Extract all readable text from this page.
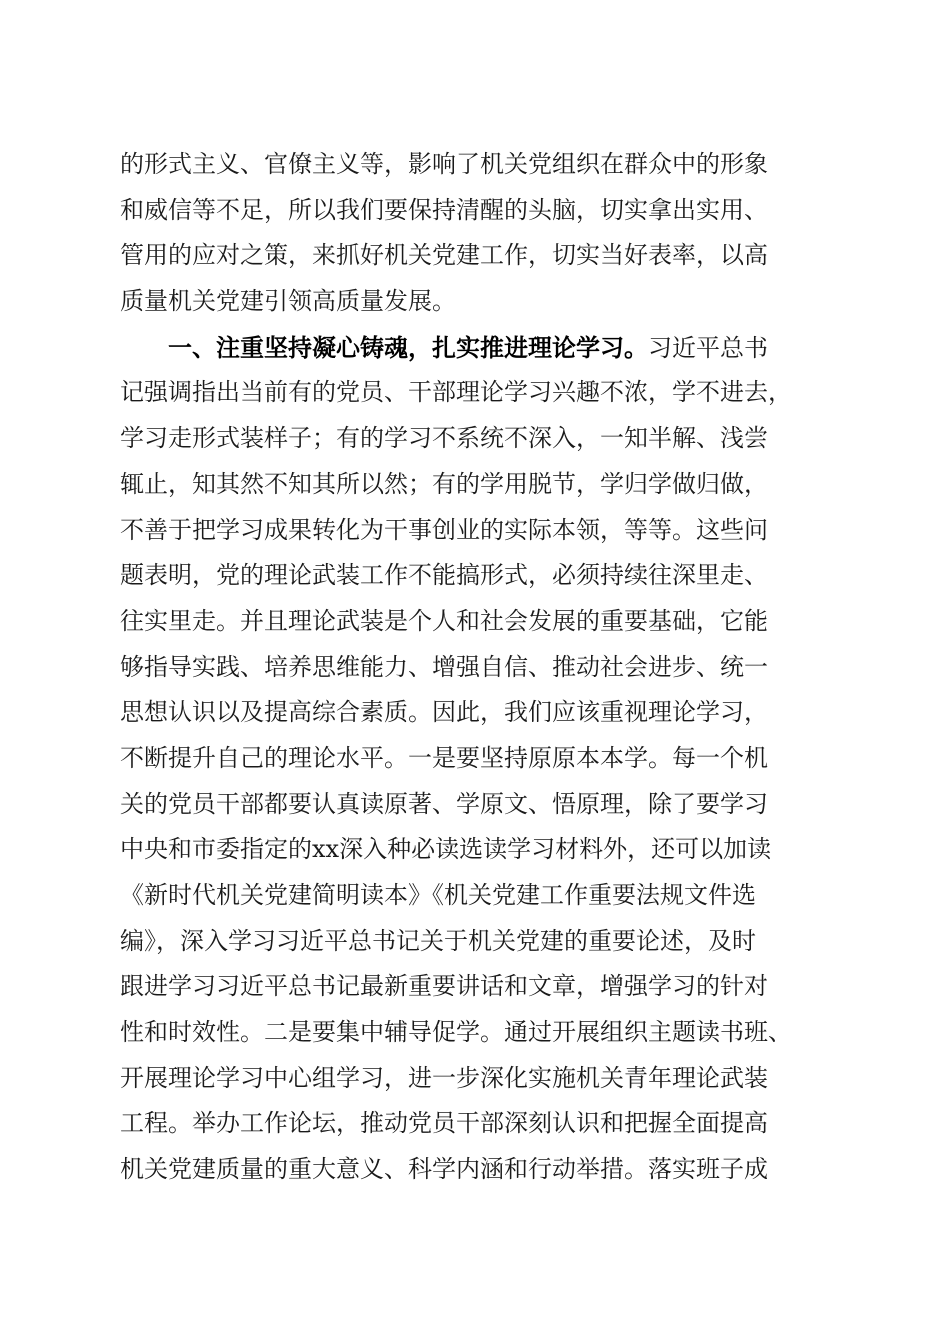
的形式主义、官僚主义等，影响了机关党组织在群众中的形象
和威信等不足，所以我们要保持清醒的头脑，切实拿出实用、
管用的应对之策，来抓好机关党建工作，切实当好表率，以高
质量机关党建引领高质量发展。
一、注重坚持凝心铸魂，扎实推进理论学习。习近平总书
记强调指出当前有的党员、干部理论学习兴趣不浓，学不进去，
学习走形式装样子；有的学习不系统不深入，一知半解、浅尝
辄止，知其然不知其所以然；有的学用脱节，学归学做归做，
不善于把学习成果转化为干事创业的实际本领，等等。这些问
题表明，党的理论武装工作不能搞形式，必须持续往深里走、
往实里走。并且理论武装是个人和社会发展的重要基础，它能
够指导实践、培养思维能力、增强自信、推动社会进步、统一
思想认识以及提高综合素质。因此，我们应该重视理论学习，
不断提升自己的理论水平。一是要坚持原原本本学。每一个机
关的党员干部都要认真读原著、学原文、悟原理，除了要学习
中央和市委指定的xx深入种必读选读学习材料外，还可以加读
《新时代机关党建简明读本》《机关党建工作重要法规文件选
编》，深入学习习近平总书记关于机关党建的重要论述，及时
跟进学习习近平总书记最新重要讲话和文章，增强学习的针对
性和时效性。二是要集中辅导促学。通过开展组织主题读书班、
开展理论学习中心组学习，进一步深化实施机关青年理论武装
工程。举办工作论坛，推动党员干部深刻认识和把握全面提高
机关党建质量的重大意义、科学内涵和行动举措。落实班子成
